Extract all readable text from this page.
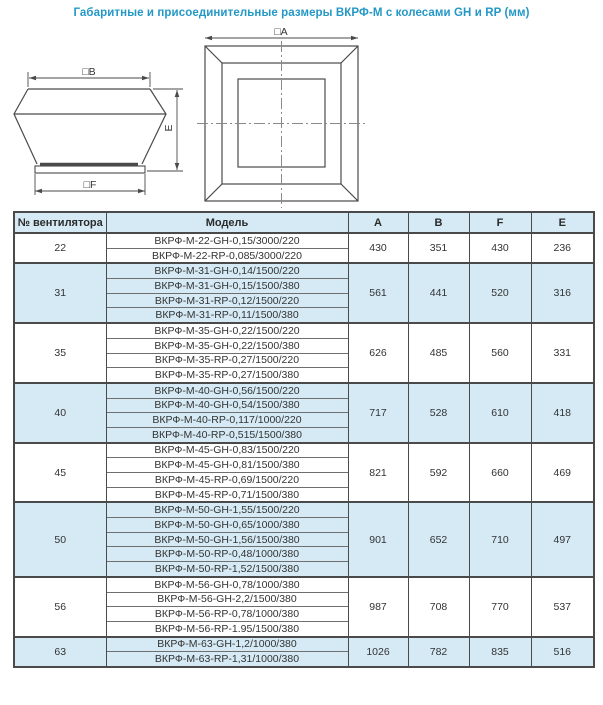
Габаритные и присоединительные размеры ВКРФ-М с колесами GH и RP (мм)
□B
□F
E
□A
№ вентилятора	Модель	A	B	F	E
22	ВКРФ-М-22-GH-0,15/3000/220	430	351	430	236
	ВКРФ-М-22-RP-0,085/3000/220				
31	ВКРФ-М-31-GH-0,14/1500/220	561	441	520	316
	ВКРФ-М-31-GH-0,15/1500/380				
	ВКРФ-М-31-RP-0,12/1500/220				
	ВКРФ-М-31-RP-0,11/1500/380				
35	ВКРФ-М-35-GH-0,22/1500/220	626	485	560	331
	ВКРФ-М-35-GH-0,22/1500/380				
	ВКРФ-М-35-RP-0,27/1500/220				
	ВКРФ-М-35-RP-0,27/1500/380				
40	ВКРФ-М-40-GH-0,56/1500/220	717	528	610	418
	ВКРФ-М-40-GH-0,54/1500/380				
	ВКРФ-М-40-RP-0,117/1000/220				
	ВКРФ-М-40-RP-0,515/1500/380				
45	ВКРФ-М-45-GH-0,83/1500/220	821	592	660	469
	ВКРФ-М-45-GH-0,81/1500/380				
	ВКРФ-М-45-RP-0,69/1500/220				
	ВКРФ-М-45-RP-0,71/1500/380				
50	ВКРФ-М-50-GH-1,55/1500/220	901	652	710	497
	ВКРФ-М-50-GH-0,65/1000/380				
	ВКРФ-М-50-GH-1,56/1500/380				
	ВКРФ-М-50-RP-0,48/1000/380				
	ВКРФ-М-50-RP-1,52/1500/380				
56	ВКРФ-М-56-GH-0,78/1000/380	987	708	770	537
	ВКРФ-М-56-GH-2,2/1500/380				
	ВКРФ-М-56-RP-0,78/1000/380				
	ВКРФ-М-56-RP-1.95/1500/380				
63	ВКРФ-М-63-GH-1,2/1000/380	1026	782	835	516
	ВКРФ-М-63-RP-1,31/1000/380				
